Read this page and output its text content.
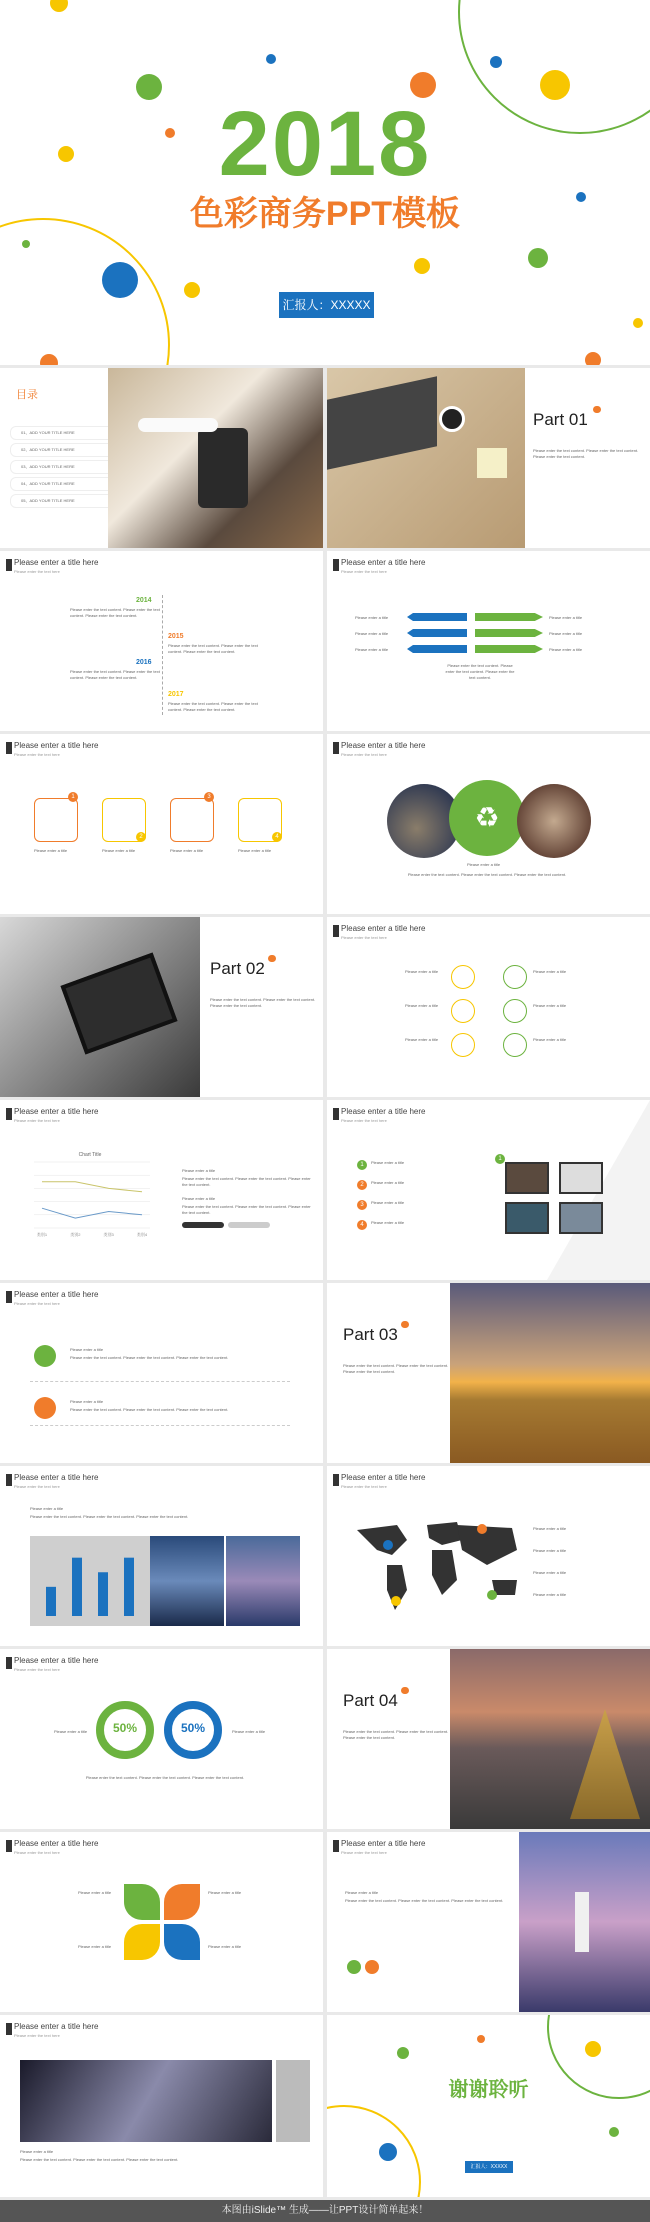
2018
色彩商务PPT模板
汇报人：XXXXX
目录
01、ADD YOUR TITLE HERE
02、ADD YOUR TITLE HERE
03、ADD YOUR TITLE HERE
04、ADD YOUR TITLE HERE
05、ADD YOUR TITLE HERE
Part 01

Please enter the text content. Please enter the text content. Please enter the text content.
Please enter a title here
Please enter the text here
2014
Please enter the text content. Please enter the text content. Please enter the text content.
2015
Please enter the text content. Please enter the text content. Please enter the text content.
2016
Please enter the text content. Please enter the text content. Please enter the text content.
2017
Please enter the text content. Please enter the text content. Please enter the text content.
Please enter a title here
Please enter the text here
Please enter a title	Please enter a title
Please enter a title	Please enter a title
Please enter a title	Please enter a title
Please enter the text content. Please enter the text content. Please enter the text content.
Please enter a title here
Please enter the text here
1
2
3
4
Please enter a title	Please enter a title	Please enter a title	Please enter a title
Please enter a title here
Please enter the text here
♻
Please enter a title
Please enter the text content. Please enter the text content. Please enter the text content.
Part 02

Please enter the text content. Please enter the text content. Please enter the text content.
Please enter a title here
Please enter the text here
Please enter a title
Please enter a title
Please enter a title
Please enter a title
Please enter a title
Please enter a title
Please enter a title here
Please enter the text here
Chart Title
类别1	类别2	类别3	类别4
Please enter a title
Please enter the text content. Please enter the text content. Please enter the text content.
Please enter a title
Please enter the text content. Please enter the text content. Please enter the text content.
Please enter a title here
Please enter the text here
1
2
3
4
Please enter a title
Please enter a title
Please enter a title
Please enter a title
1
Please enter a title here
Please enter the text here
Please enter a title
Please enter the text content. Please enter the text content. Please enter the text content.
Please enter a title
Please enter the text content. Please enter the text content. Please enter the text content.
Part 03

Please enter the text content. Please enter the text content. Please enter the text content.
Please enter a title here
Please enter the text here
Please enter a title
Please enter the text content. Please enter the text content. Please enter the text content.
Please enter a title here
Please enter the text here
Please enter a title
Please enter a title
Please enter a title
Please enter a title
Please enter a title here
Please enter the text here
50%	50%
Please enter a title	Please enter a title
Please enter the text content. Please enter the text content. Please enter the text content.
Part 04

Please enter the text content. Please enter the text content. Please enter the text content.
Please enter a title here
Please enter the text here
Please enter a title	Please enter a title
Please enter a title	Please enter a title
Please enter a title here
Please enter the text here
Please enter a title
Please enter the text content. Please enter the text content. Please enter the text content.
Please enter a title here
Please enter the text here
Please enter a title
Please enter the text content. Please enter the text content. Please enter the text content.
谢谢聆听
汇报人：XXXXX
本图由iSlide™ 生成——让PPT设计简单起来！
